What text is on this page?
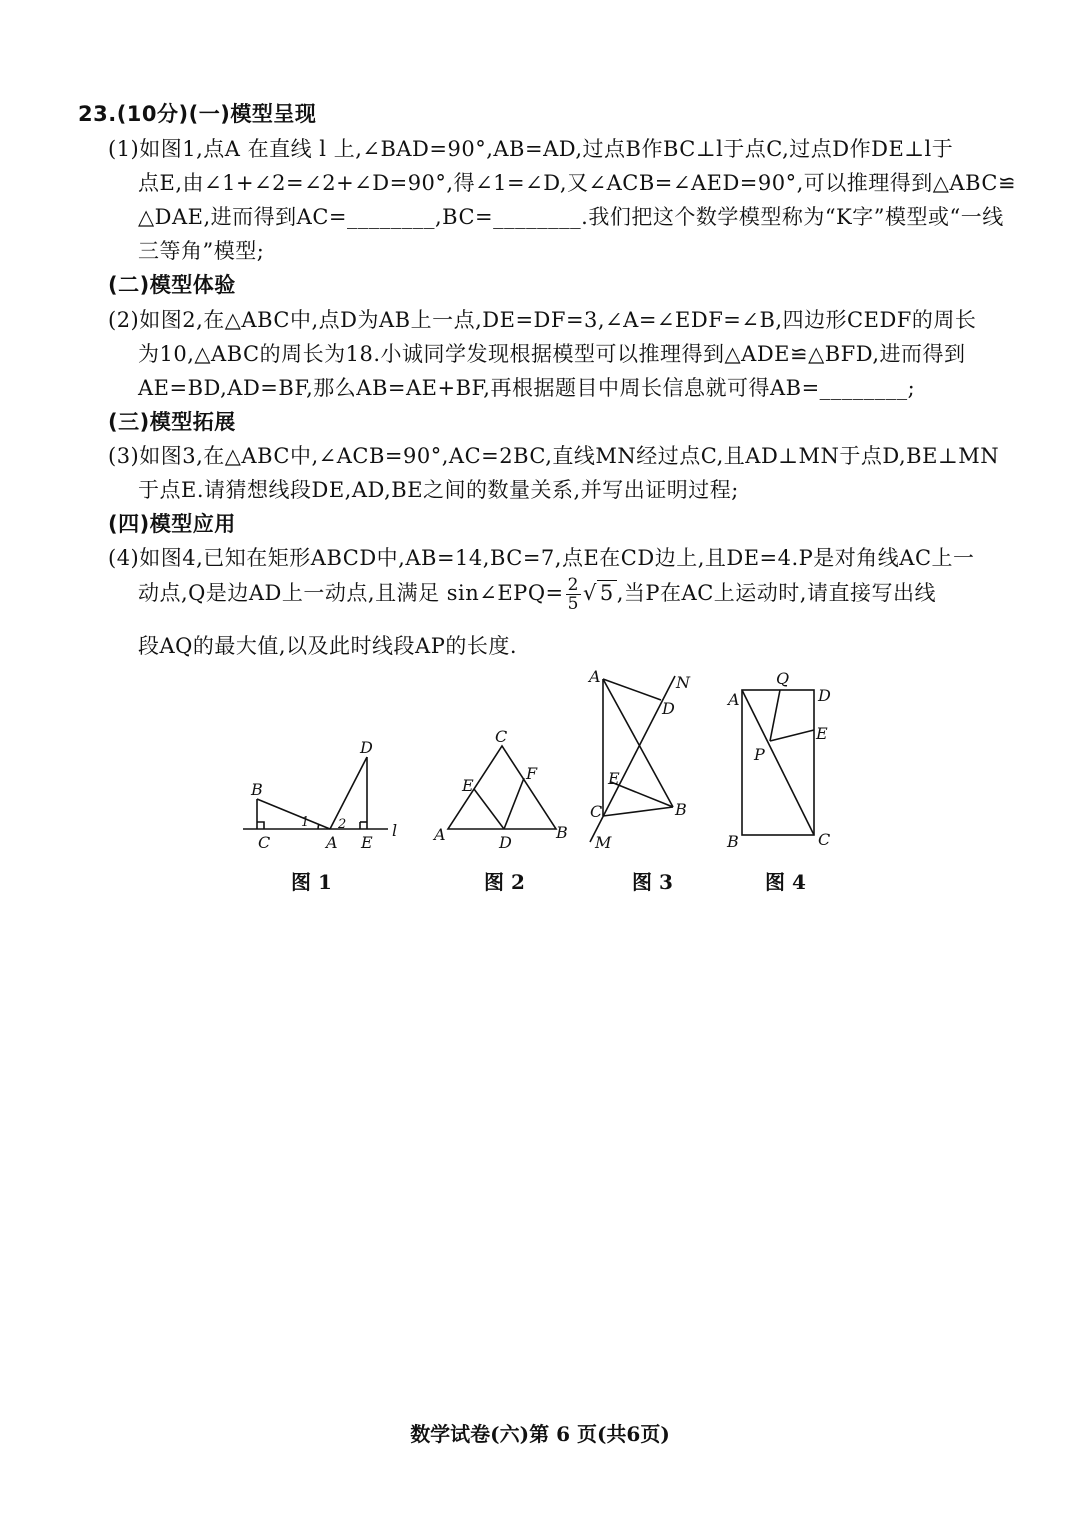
23.(10分)(一)模型呈现
(1)如图1,点A 在直线 l 上,∠BAD=90°,AB=AD,过点B作BC⊥l于点C,过点D作DE⊥l于
点E,由∠1+∠2=∠2+∠D=90°,得∠1=∠D,又∠ACB=∠AED=90°,可以推理得到△ABC≌
△DAE,进而得到AC=________,BC=________.我们把这个数学模型称为“K字”模型或“一线
三等角”模型;
(二)模型体验
(2)如图2,在△ABC中,点D为AB上一点,DE=DF=3,∠A=∠EDF=∠B,四边形CEDF的周长
为10,△ABC的周长为18.小诚同学发现根据模型可以推理得到△ADE≌△BFD,进而得到
AE=BD,AD=BF,那么AB=AE+BF,再根据题目中周长信息就可得AB=________;
(三)模型拓展
(3)如图3,在△ABC中,∠ACB=90°,AC=2BC,直线MN经过点C,且AD⊥MN于点D,BE⊥MN
于点E.请猜想线段DE,AD,BE之间的数量关系,并写出证明过程;
(四)模型应用
(4)如图4,已知在矩形ABCD中,AB=14,BC=7,点E在CD边上,且DE=4.P是对角线AC上一
动点,Q是边AD上一动点,且满足 sin∠EPQ= $\frac{2}{5}$ √ 5 ,当P在AC上运动时,请直接写出线
段AQ的最大值,以及此时线段AP的长度.
B
D
C	A E
l
1 2
C
E
F
A	D
B
A	N
D
E
C	B
M
Q
A	D
E
P
B	C
图 1	图 2	图 3	图 4
数学试卷(六)第 6 页(共6页)
